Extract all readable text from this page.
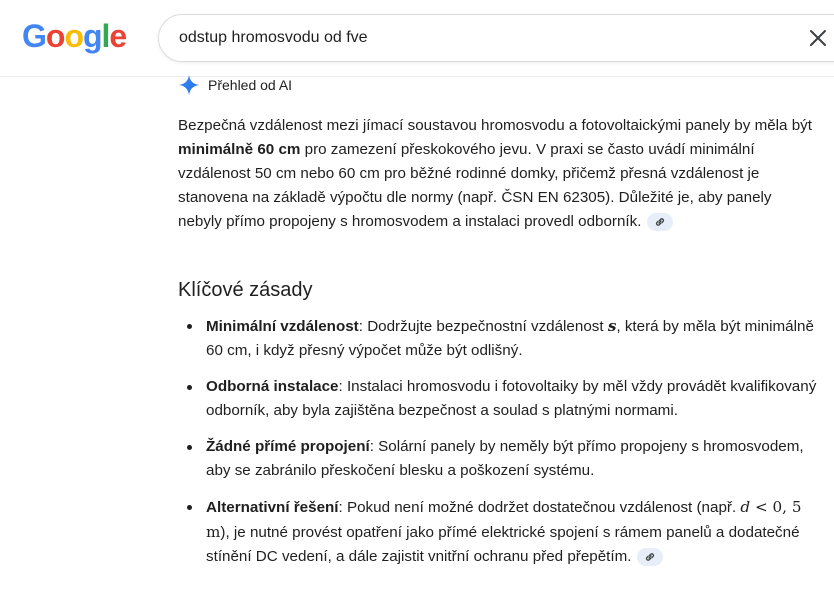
Google
odstup hromosvodu od fve
Přehled od AI

Bezpečná vzdálenost mezi jímací soustavou hromosvodu a fotovoltaickými panely by měla být minimálně 60 cm pro zamezení přeskokového jevu. V praxi se často uvádí minimální vzdálenost 50 cm nebo 60 cm pro běžné rodinné domky, přičemž přesná vzdálenost je stanovena na základě výpočtu dle normy (např. ČSN EN 62305). Důležité je, aby panely nebyly přímo propojeny s hromosvodem a instalaci provedl odborník.

Klíčové zásady
Minimální vzdálenost: Dodržujte bezpečnostní vzdálenost s, která by měla být minimálně 60 cm, i když přesný výpočet může být odlišný.
Odborná instalace: Instalaci hromosvodu i fotovoltaiky by měl vždy provádět kvalifikovaný odborník, aby byla zajištěna bezpečnost a soulad s platnými normami.
Žádné přímé propojení: Solární panely by neměly být přímo propojeny s hromosvodem, aby se zabránilo přeskočení blesku a poškození systému.
Alternativní řešení: Pokud není možné dodržet dostatečnou vzdálenost (např. d < 0, 5 m), je nutné provést opatření jako přímé elektrické spojení s rámem panelů a dodatečné stínění DC vedení, a dále zajistit vnitřní ochranu před přepětím.
